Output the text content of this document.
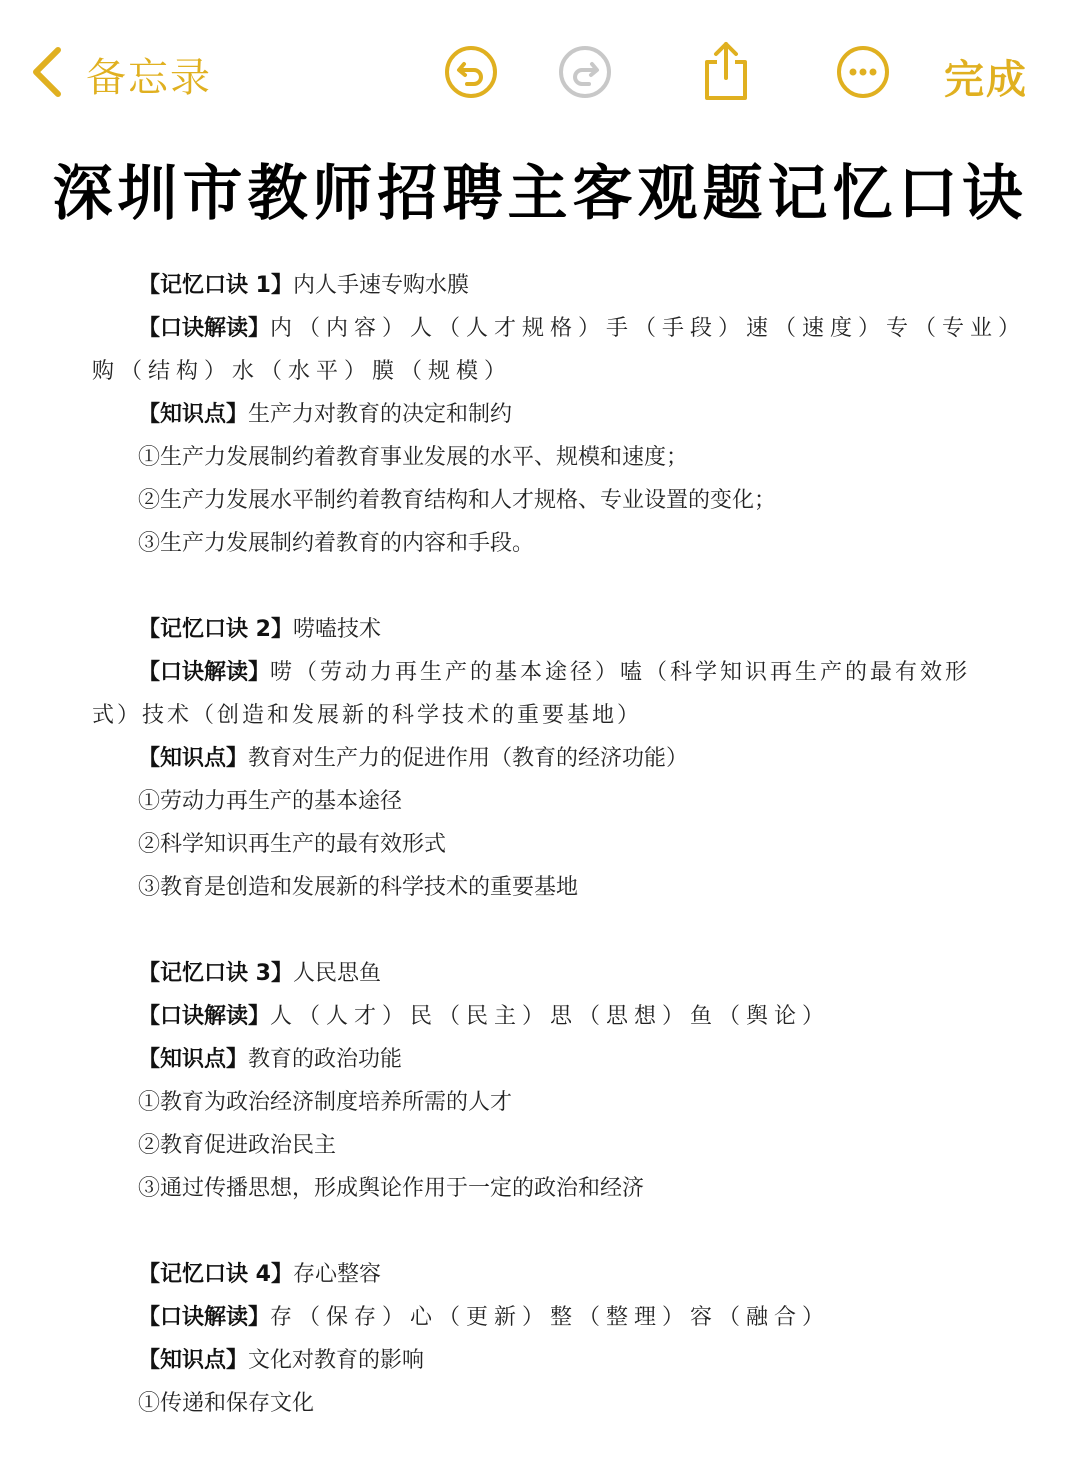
备忘录	完成
深圳市教师招聘主客观题记忆口诀
【记忆口诀 1】内人手速专购水膜
【口诀解读】内（内容）人（人才规格）手（手段）速（速度）专（专业）
购（结构）水（水平）膜（规模）
【知识点】生产力对教育的决定和制约
①生产力发展制约着教育事业发展的水平、规模和速度；
②生产力发展水平制约着教育结构和人才规格、专业设置的变化；
③生产力发展制约着教育的内容和手段。
【记忆口诀 2】唠嗑技术
【口诀解读】唠（劳动力再生产的基本途径）嗑（科学知识再生产的最有效形
式）技术（创造和发展新的科学技术的重要基地）
【知识点】教育对生产力的促进作用（教育的经济功能）
①劳动力再生产的基本途径
②科学知识再生产的最有效形式
③教育是创造和发展新的科学技术的重要基地
【记忆口诀 3】人民思鱼
【口诀解读】人（人才）民（民主）思（思想）鱼（舆论）
【知识点】教育的政治功能
①教育为政治经济制度培养所需的人才
②教育促进政治民主
③通过传播思想，形成舆论作用于一定的政治和经济
【记忆口诀 4】存心整容
【口诀解读】存（保存）心（更新）整（整理）容（融合）
【知识点】文化对教育的影响
①传递和保存文化
